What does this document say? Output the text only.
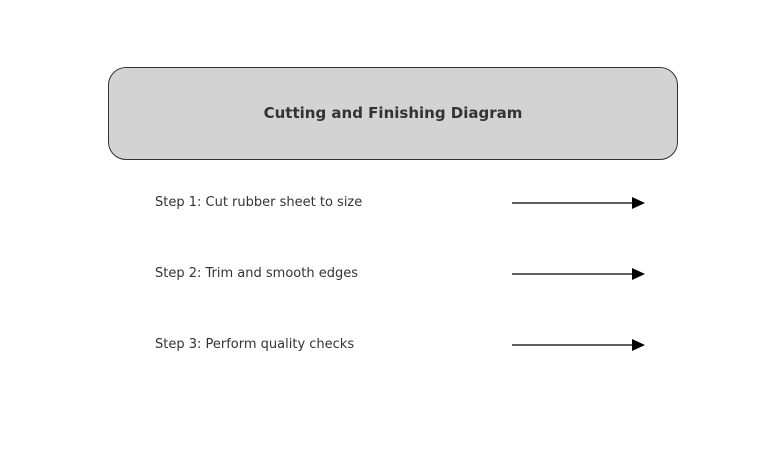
Cutting and Finishing Diagram
Step 1: Cut rubber sheet to size
Step 2: Trim and smooth edges
Step 3: Perform quality checks
